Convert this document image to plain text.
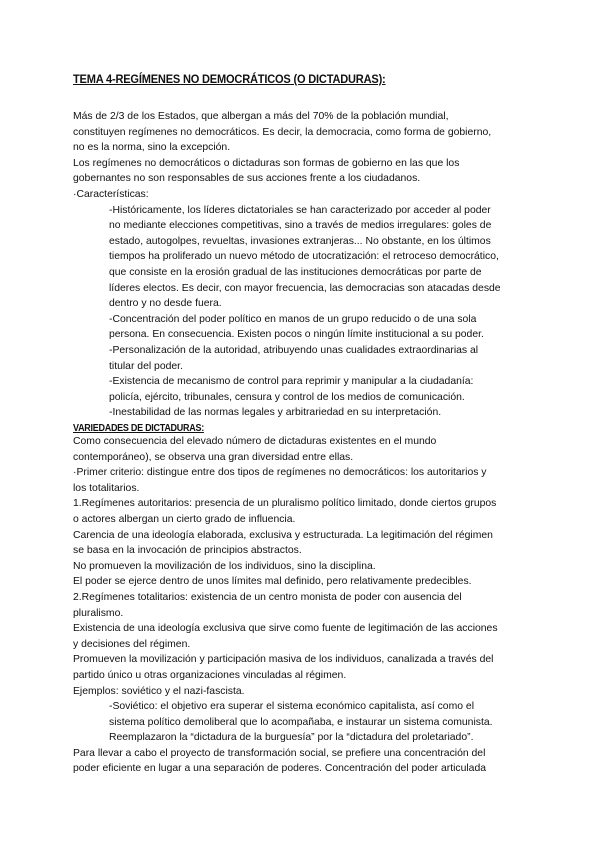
TEMA 4-REGÍMENES NO DEMOCRÁTICOS (O DICTADURAS):

Más de 2/3 de los Estados, que albergan a más del 70% de la población mundial,

constituyen regímenes no democráticos. Es decir, la democracia, como forma de gobierno,

no es la norma, sino la excepción.

Los regímenes no democráticos o dictaduras son formas de gobierno en las que los

gobernantes no son responsables de sus acciones frente a los ciudadanos.

·Características:

-Históricamente, los líderes dictatoriales se han caracterizado por acceder al poder

no mediante elecciones competitivas, sino a través de medios irregulares: goles de

estado, autogolpes, revueltas, invasiones extranjeras... No obstante, en los últimos

tiempos ha proliferado un nuevo método de utocratización: el retroceso democrático,

que consiste en la erosión gradual de las instituciones democráticas por parte de

líderes electos. Es decir, con mayor frecuencia, las democracias son atacadas desde

dentro y no desde fuera.

-Concentración del poder político en manos de un grupo reducido o de una sola

persona. En consecuencia. Existen pocos o ningún límite institucional a su poder.

-Personalización de la autoridad, atribuyendo unas cualidades extraordinarias al

titular del poder.

-Existencia de mecanismo de control para reprimir y manipular a la ciudadanía:

policía, ejército, tribunales, censura y control de los medios de comunicación.

-Inestabilidad de las normas legales y arbitrariedad en su interpretación.

VARIEDADES DE DICTADURAS:

Como consecuencia del elevado número de dictaduras existentes en el mundo

contemporáneo), se observa una gran diversidad entre ellas.

·Primer criterio: distingue entre dos tipos de regímenes no democráticos: los autoritarios y

los totalitarios.

1.Regímenes autoritarios: presencia de un pluralismo político limitado, donde ciertos grupos

o actores albergan un cierto grado de influencia.

Carencia de una ideología elaborada, exclusiva y estructurada. La legitimación del régimen

se basa en la invocación de principios abstractos.

No promueven la movilización de los individuos, sino la disciplina.

El poder se ejerce dentro de unos límites mal definido, pero relativamente predecibles.

2.Regímenes totalitarios: existencia de un centro monista de poder con ausencia del

pluralismo.

Existencia de una ideología exclusiva que sirve como fuente de legitimación de las acciones

y decisiones del régimen.

Promueven la movilización y participación masiva de los individuos, canalizada a través del

partido único u otras organizaciones vinculadas al régimen.

Ejemplos: soviético y el nazi-fascista.

-Soviético: el objetivo era superar el sistema económico capitalista, así como el

sistema político demoliberal que lo acompañaba, e instaurar un sistema comunista.

Reemplazaron la “dictadura de la burguesía” por la “dictadura del proletariado”.

Para llevar a cabo el proyecto de transformación social, se prefiere una concentración del

poder eficiente en lugar a una separación de poderes. Concentración del poder articulada
